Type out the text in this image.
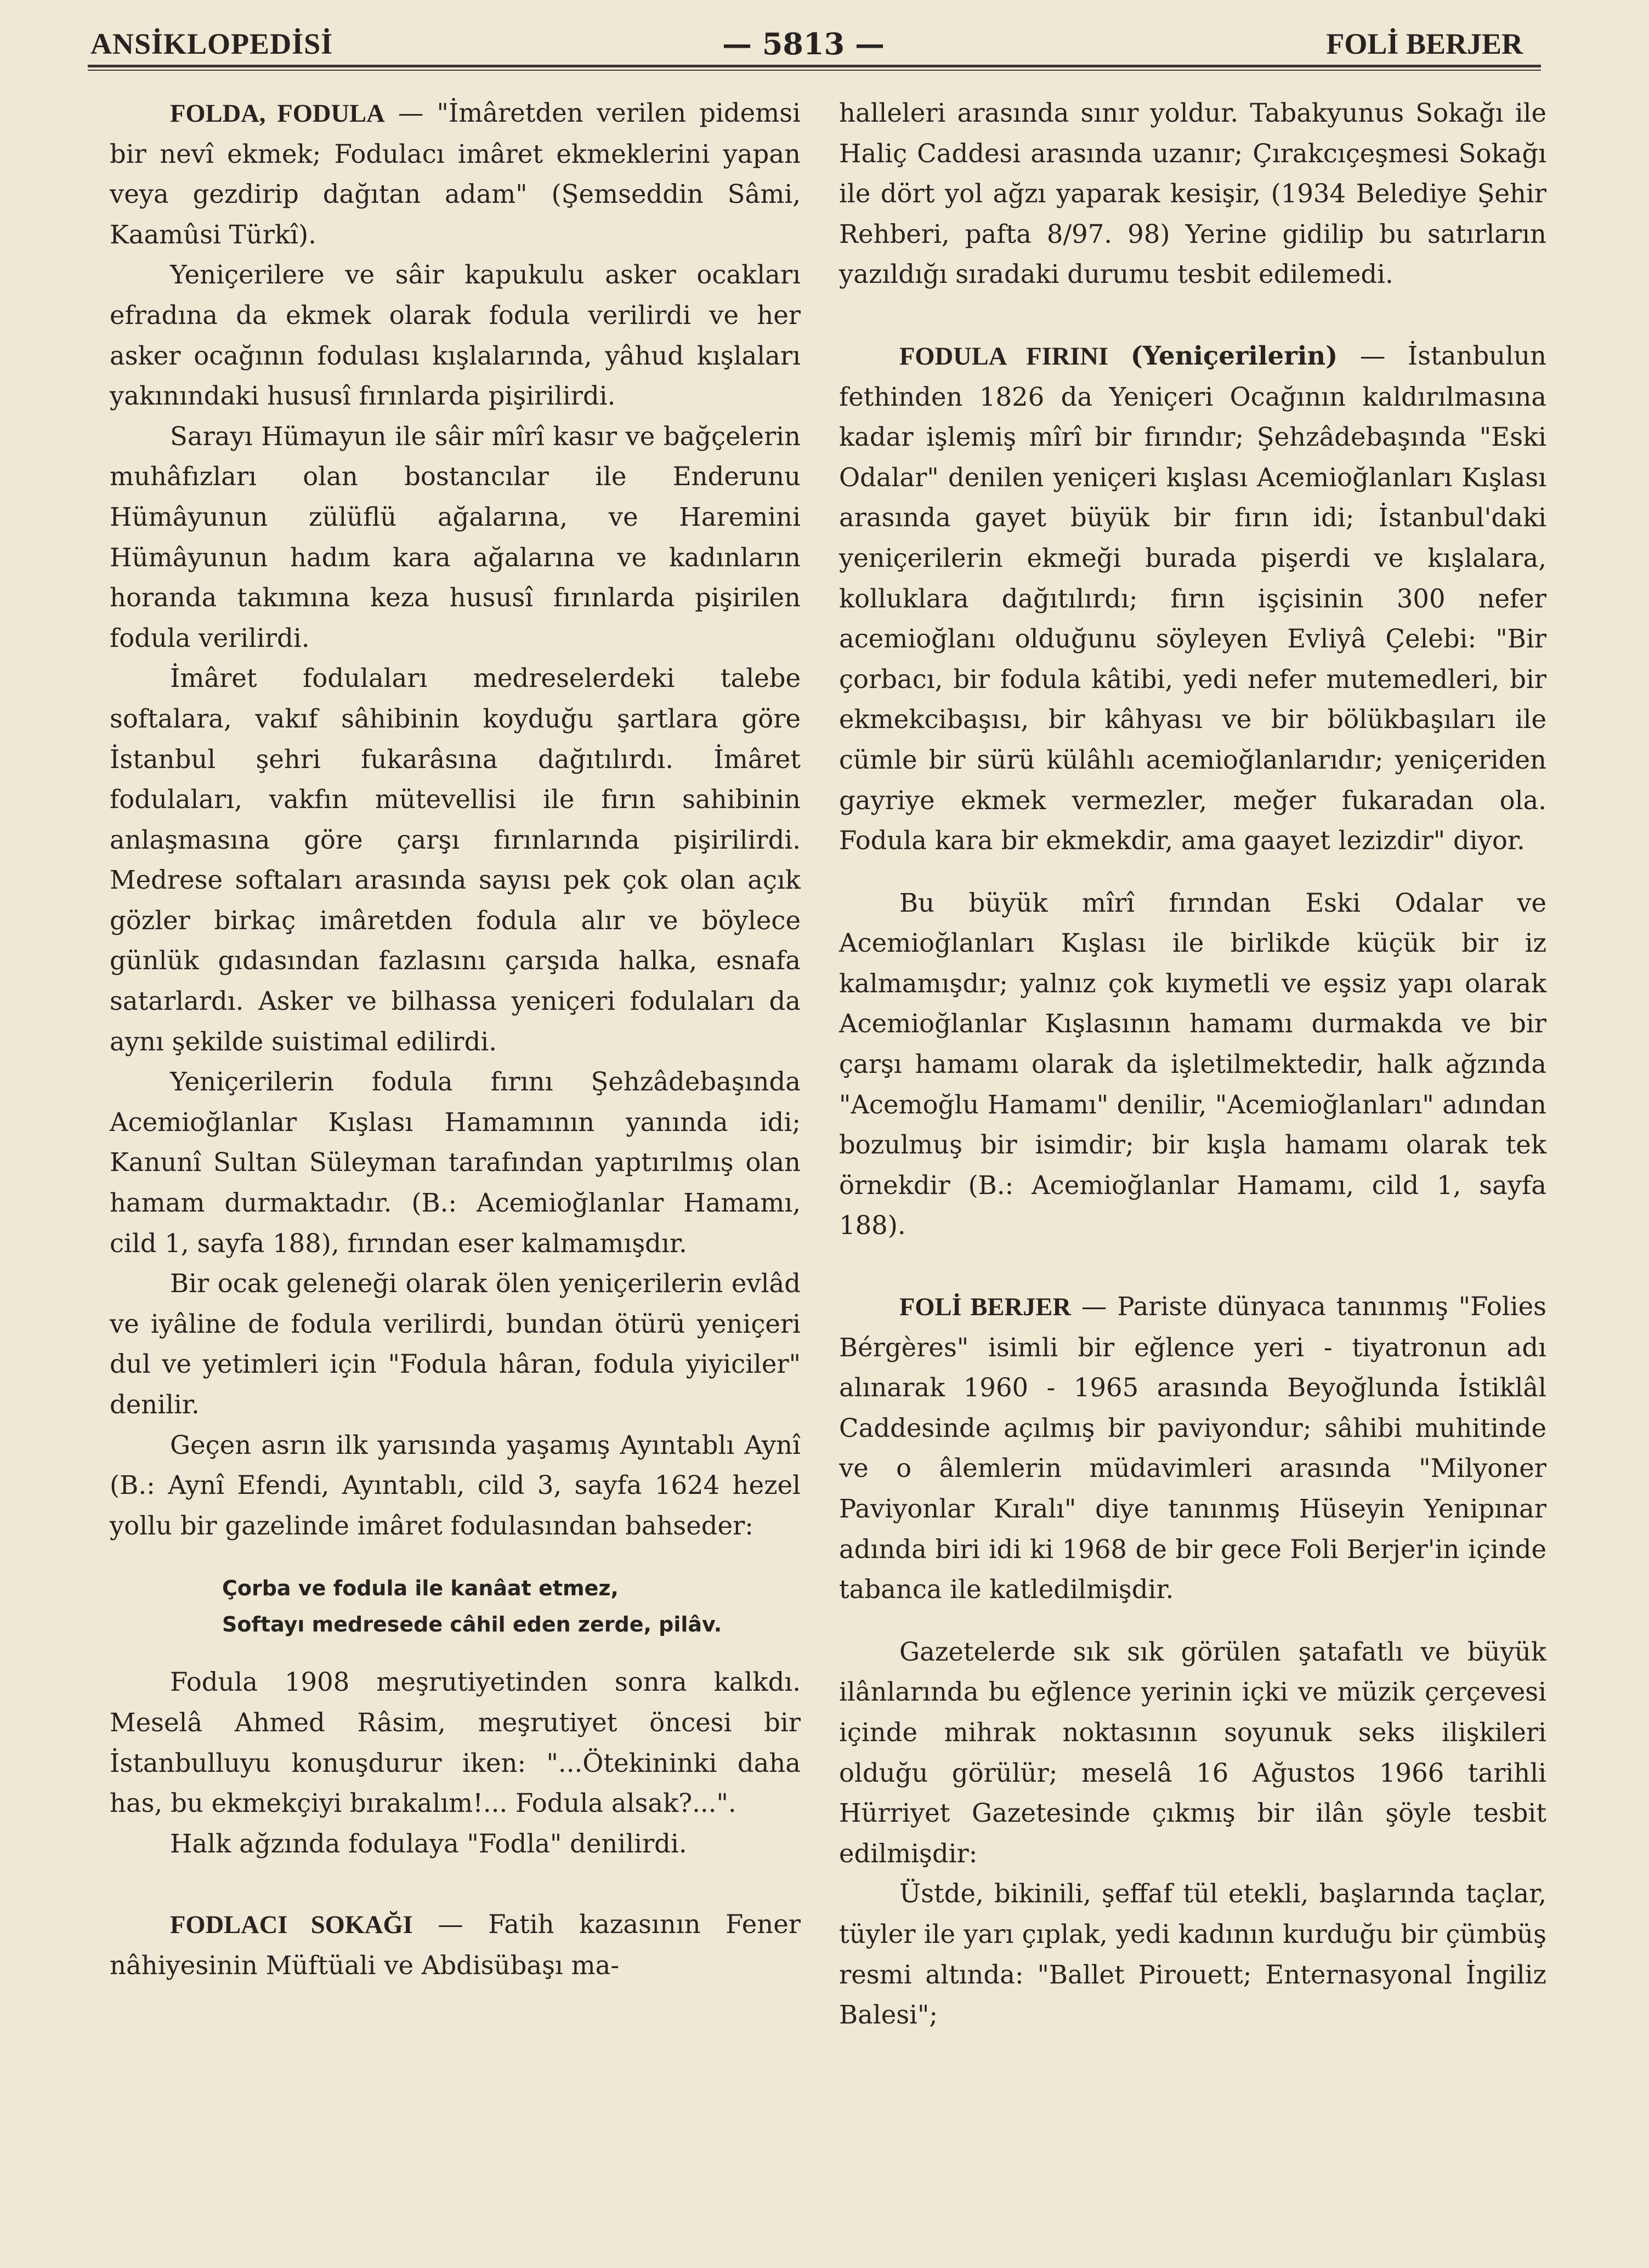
ANSİKLOPEDİSİ	— 5813 —	FOLİ BERJER

FOLDA, FODULA — "İmâretden verilen pidemsi bir nevî ekmek; Fodulacı imâret ekmeklerini yapan veya gezdirip dağıtan adam" (Şemseddin Sâmi, Kaamûsi Türkî).

Yeniçerilere ve sâir kapukulu asker ocakları efradına da ekmek olarak fodula verilirdi ve her asker ocağının fodulası kışlalarında, yâhud kışlaları yakınındaki hususî fırınlarda pişirilirdi.

Sarayı Hümayun ile sâir mîrî kasır ve bağçelerin muhâfızları olan bostancılar ile Enderunu Hümâyunun zülüflü ağalarına, ve Haremini Hümâyunun hadım kara ağalarına ve kadınların horanda takımına keza hususî fırınlarda pişirilen fodula verilirdi.

İmâret fodulaları medreselerdeki talebe softalara, vakıf sâhibinin koyduğu şartlara göre İstanbul şehri fukarâsına dağıtılırdı. İmâret fodulaları, vakfın mütevellisi ile fırın sahibinin anlaşmasına göre çarşı fırınlarında pişirilirdi. Medrese softaları arasında sayısı pek çok olan açık gözler birkaç imâretden fodula alır ve böylece günlük gıdasından fazlasını çarşıda halka, esnafa satarlardı. Asker ve bilhassa yeniçeri fodulaları da aynı şekilde suistimal edilirdi.

Yeniçerilerin fodula fırını Şehzâdebaşında Acemioğlanlar Kışlası Hamamının yanında idi; Kanunî Sultan Süleyman tarafından yaptırılmış olan hamam durmaktadır. (B.: Acemioğlanlar Hamamı, cild 1, sayfa 188), fırından eser kalmamışdır.

Bir ocak geleneği olarak ölen yeniçerilerin evlâd ve iyâline de fodula verilirdi, bundan ötürü yeniçeri dul ve yetimleri için "Fodula hâran, fodula yiyiciler" denilir.

Geçen asrın ilk yarısında yaşamış Ayıntablı Aynî (B.: Aynî Efendi, Ayıntablı, cild 3, sayfa 1624 hezel yollu bir gazelinde imâret fodulasından bahseder:

Çorba ve fodula ile kanâat etmez,
Softayı medresede câhil eden zerde, pilâv.

Fodula 1908 meşrutiyetinden sonra kalkdı. Meselâ Ahmed Râsim, meşrutiyet öncesi bir İstanbulluyu konuşdurur iken: "...Ötekininki daha has, bu ekmekçiyi bırakalım!... Fodula alsak?...".

Halk ağzında fodulaya "Fodla" denilirdi.

FODLACI SOKAĞI — Fatih kazasının Fener nâhiyesinin Müftüali ve Abdisübaşı ma-

halleleri arasında sınır yoldur. Tabakyunus Sokağı ile Haliç Caddesi arasında uzanır; Çırakcıçeşmesi Sokağı ile dört yol ağzı yaparak kesişir, (1934 Belediye Şehir Rehberi, pafta 8/97. 98) Yerine gidilip bu satırların yazıldığı sıradaki durumu tesbit edilemedi.

FODULA FIRINI (Yeniçerilerin) — İstanbulun fethinden 1826 da Yeniçeri Ocağının kaldırılmasına kadar işlemiş mîrî bir fırındır; Şehzâdebaşında "Eski Odalar" denilen yeniçeri kışlası Acemioğlanları Kışlası arasında gayet büyük bir fırın idi; İstanbul'daki yeniçerilerin ekmeği burada pişerdi ve kışlalara, kolluklara dağıtılırdı; fırın işçisinin 300 nefer acemioğlanı olduğunu söyleyen Evliyâ Çelebi: "Bir çorbacı, bir fodula kâtibi, yedi nefer mutemedleri, bir ekmekcibaşısı, bir kâhyası ve bir bölükbaşıları ile cümle bir sürü külâhlı acemioğlanlarıdır; yeniçeriden gayriye ekmek vermezler, meğer fukaradan ola. Fodula kara bir ekmekdir, ama gaayet lezizdir" diyor.

Bu büyük mîrî fırından Eski Odalar ve Acemioğlanları Kışlası ile birlikde küçük bir iz kalmamışdır; yalnız çok kıymetli ve eşsiz yapı olarak Acemioğlanlar Kışlasının hamamı durmakda ve bir çarşı hamamı olarak da işletilmektedir, halk ağzında "Acemoğlu Hamamı" denilir, "Acemioğlanları" adından bozulmuş bir isimdir; bir kışla hamamı olarak tek örnekdir (B.: Acemioğlanlar Hamamı, cild 1, sayfa 188).

FOLİ BERJER — Pariste dünyaca tanınmış "Folies Bérgères" isimli bir eğlence yeri - tiyatronun adı alınarak 1960 - 1965 arasında Beyoğlunda İstiklâl Caddesinde açılmış bir paviyondur; sâhibi muhitinde ve o âlemlerin müdavimleri arasında "Milyoner Paviyonlar Kıralı" diye tanınmış Hüseyin Yenipınar adında biri idi ki 1968 de bir gece Foli Berjer'in içinde tabanca ile katledilmişdir.

Gazetelerde sık sık görülen şatafatlı ve büyük ilânlarında bu eğlence yerinin içki ve müzik çerçevesi içinde mihrak noktasının soyunuk seks ilişkileri olduğu görülür; meselâ 16 Ağustos 1966 tarihli Hürriyet Gazetesinde çıkmış bir ilân şöyle tesbit edilmişdir:

Üstde, bikinili, şeffaf tül etekli, başlarında taçlar, tüyler ile yarı çıplak, yedi kadının kurduğu bir çümbüş resmi altında: "Ballet Pirouett; Enternasyonal İngiliz Balesi";
